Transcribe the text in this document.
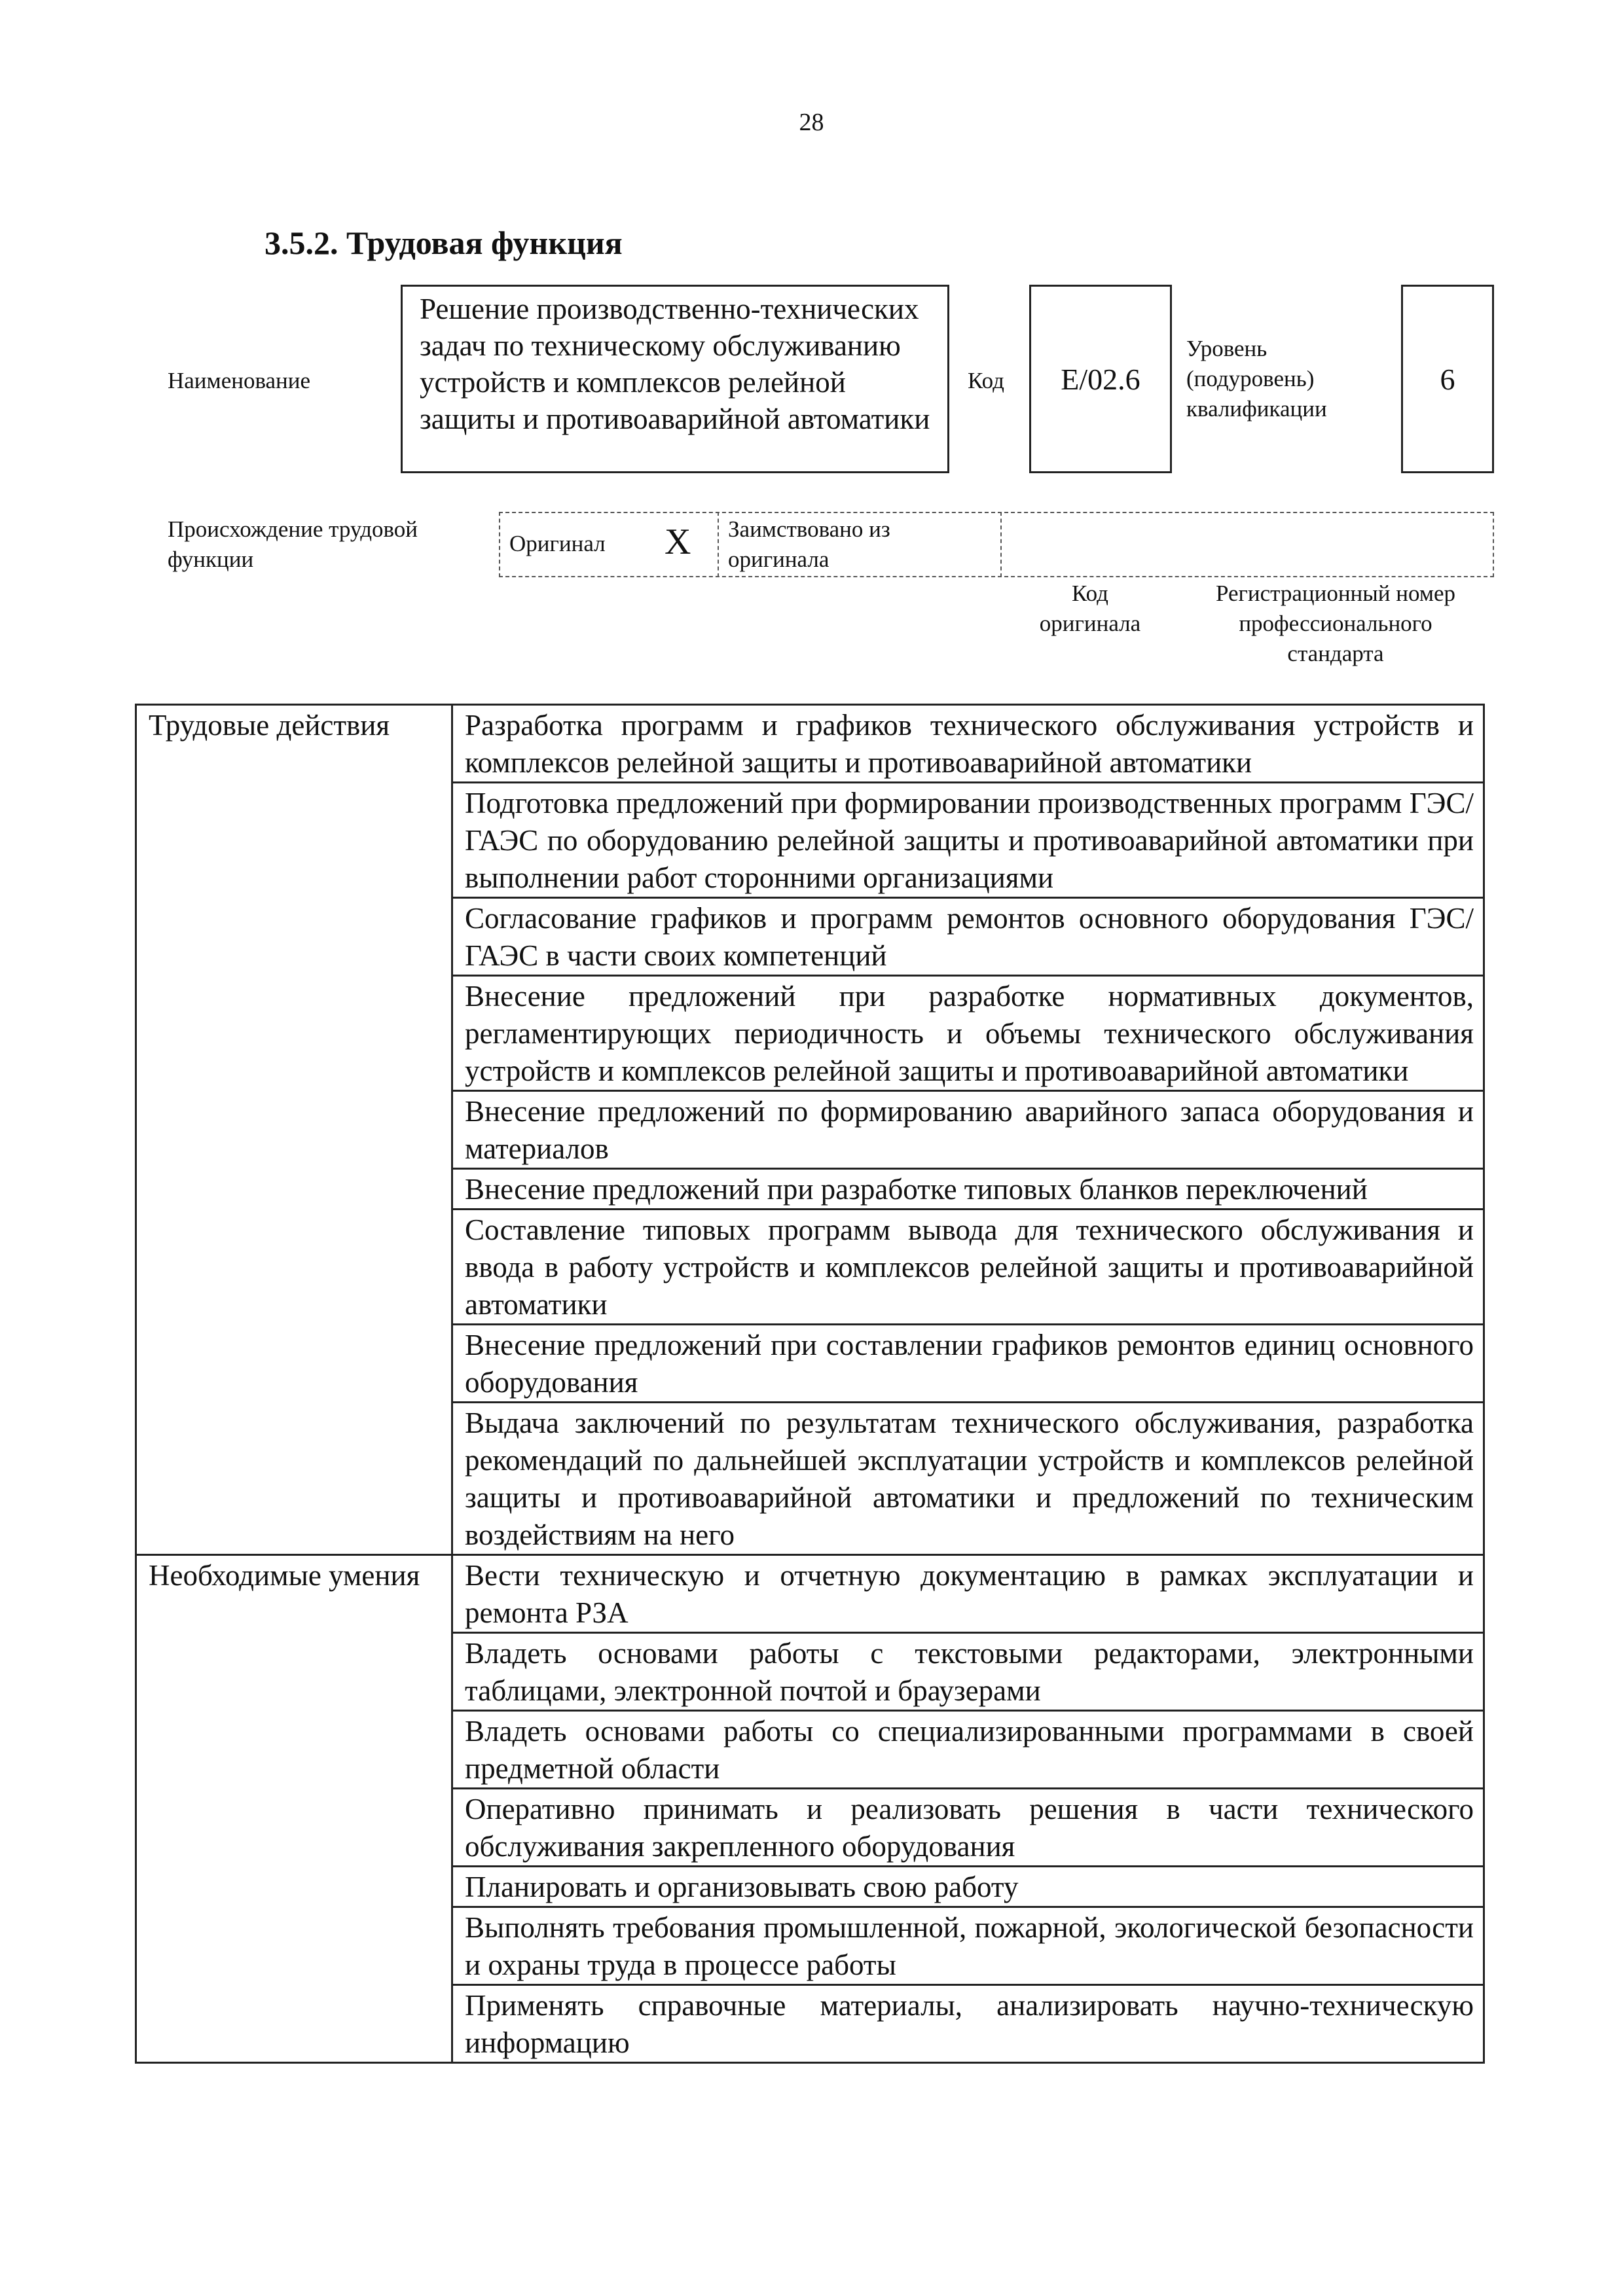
28
3.5.2. Трудовая функция
Наименование
Решение производственно-технических задач по техническому обслуживанию устройств и комплексов релейной защиты и противоаварийной автоматики
Код E/02.6
Уровень (подуровень) квалификации
6
Происхождение трудовой функции
Оригинал X Заимствовано из оригинала
Код оригинала
Регистрационный номер профессионального стандарта
Трудовые действия	Разработка программ и графиков технического обслуживания устройств и комплексов релейной защиты и противоаварийной автоматики
	Подготовка предложений при формировании производственных программ ГЭС/ГАЭС по оборудованию релейной защиты и противоаварийной автоматики при выполнении работ сторонними организациями
	Согласование графиков и программ ремонтов основного оборудования ГЭС/ГАЭС в части своих компетенций
	Внесение предложений при разработке нормативных документов, регламентирующих периодичность и объемы технического обслуживания устройств и комплексов релейной защиты и противоаварийной автоматики
	Внесение предложений по формированию аварийного запаса оборудования и материалов
	Внесение предложений при разработке типовых бланков переключений
	Составление типовых программ вывода для технического обслуживания и ввода в работу устройств и комплексов релейной защиты и противоаварийной автоматики
	Внесение предложений при составлении графиков ремонтов единиц основного оборудования
	Выдача заключений по результатам технического обслуживания, разработка рекомендаций по дальнейшей эксплуатации устройств и комплексов релейной защиты и противоаварийной автоматики и предложений по техническим воздействиям на него
Необходимые умения	Вести техническую и отчетную документацию в рамках эксплуатации и ремонта РЗА
	Владеть основами работы с текстовыми редакторами, электронными таблицами, электронной почтой и браузерами
	Владеть основами работы со специализированными программами в своей предметной области
	Оперативно принимать и реализовать решения в части технического обслуживания закрепленного оборудования
	Планировать и организовывать свою работу
	Выполнять требования промышленной, пожарной, экологической безопасности и охраны труда в процессе работы
	Применять справочные материалы, анализировать научно-техническую информацию
